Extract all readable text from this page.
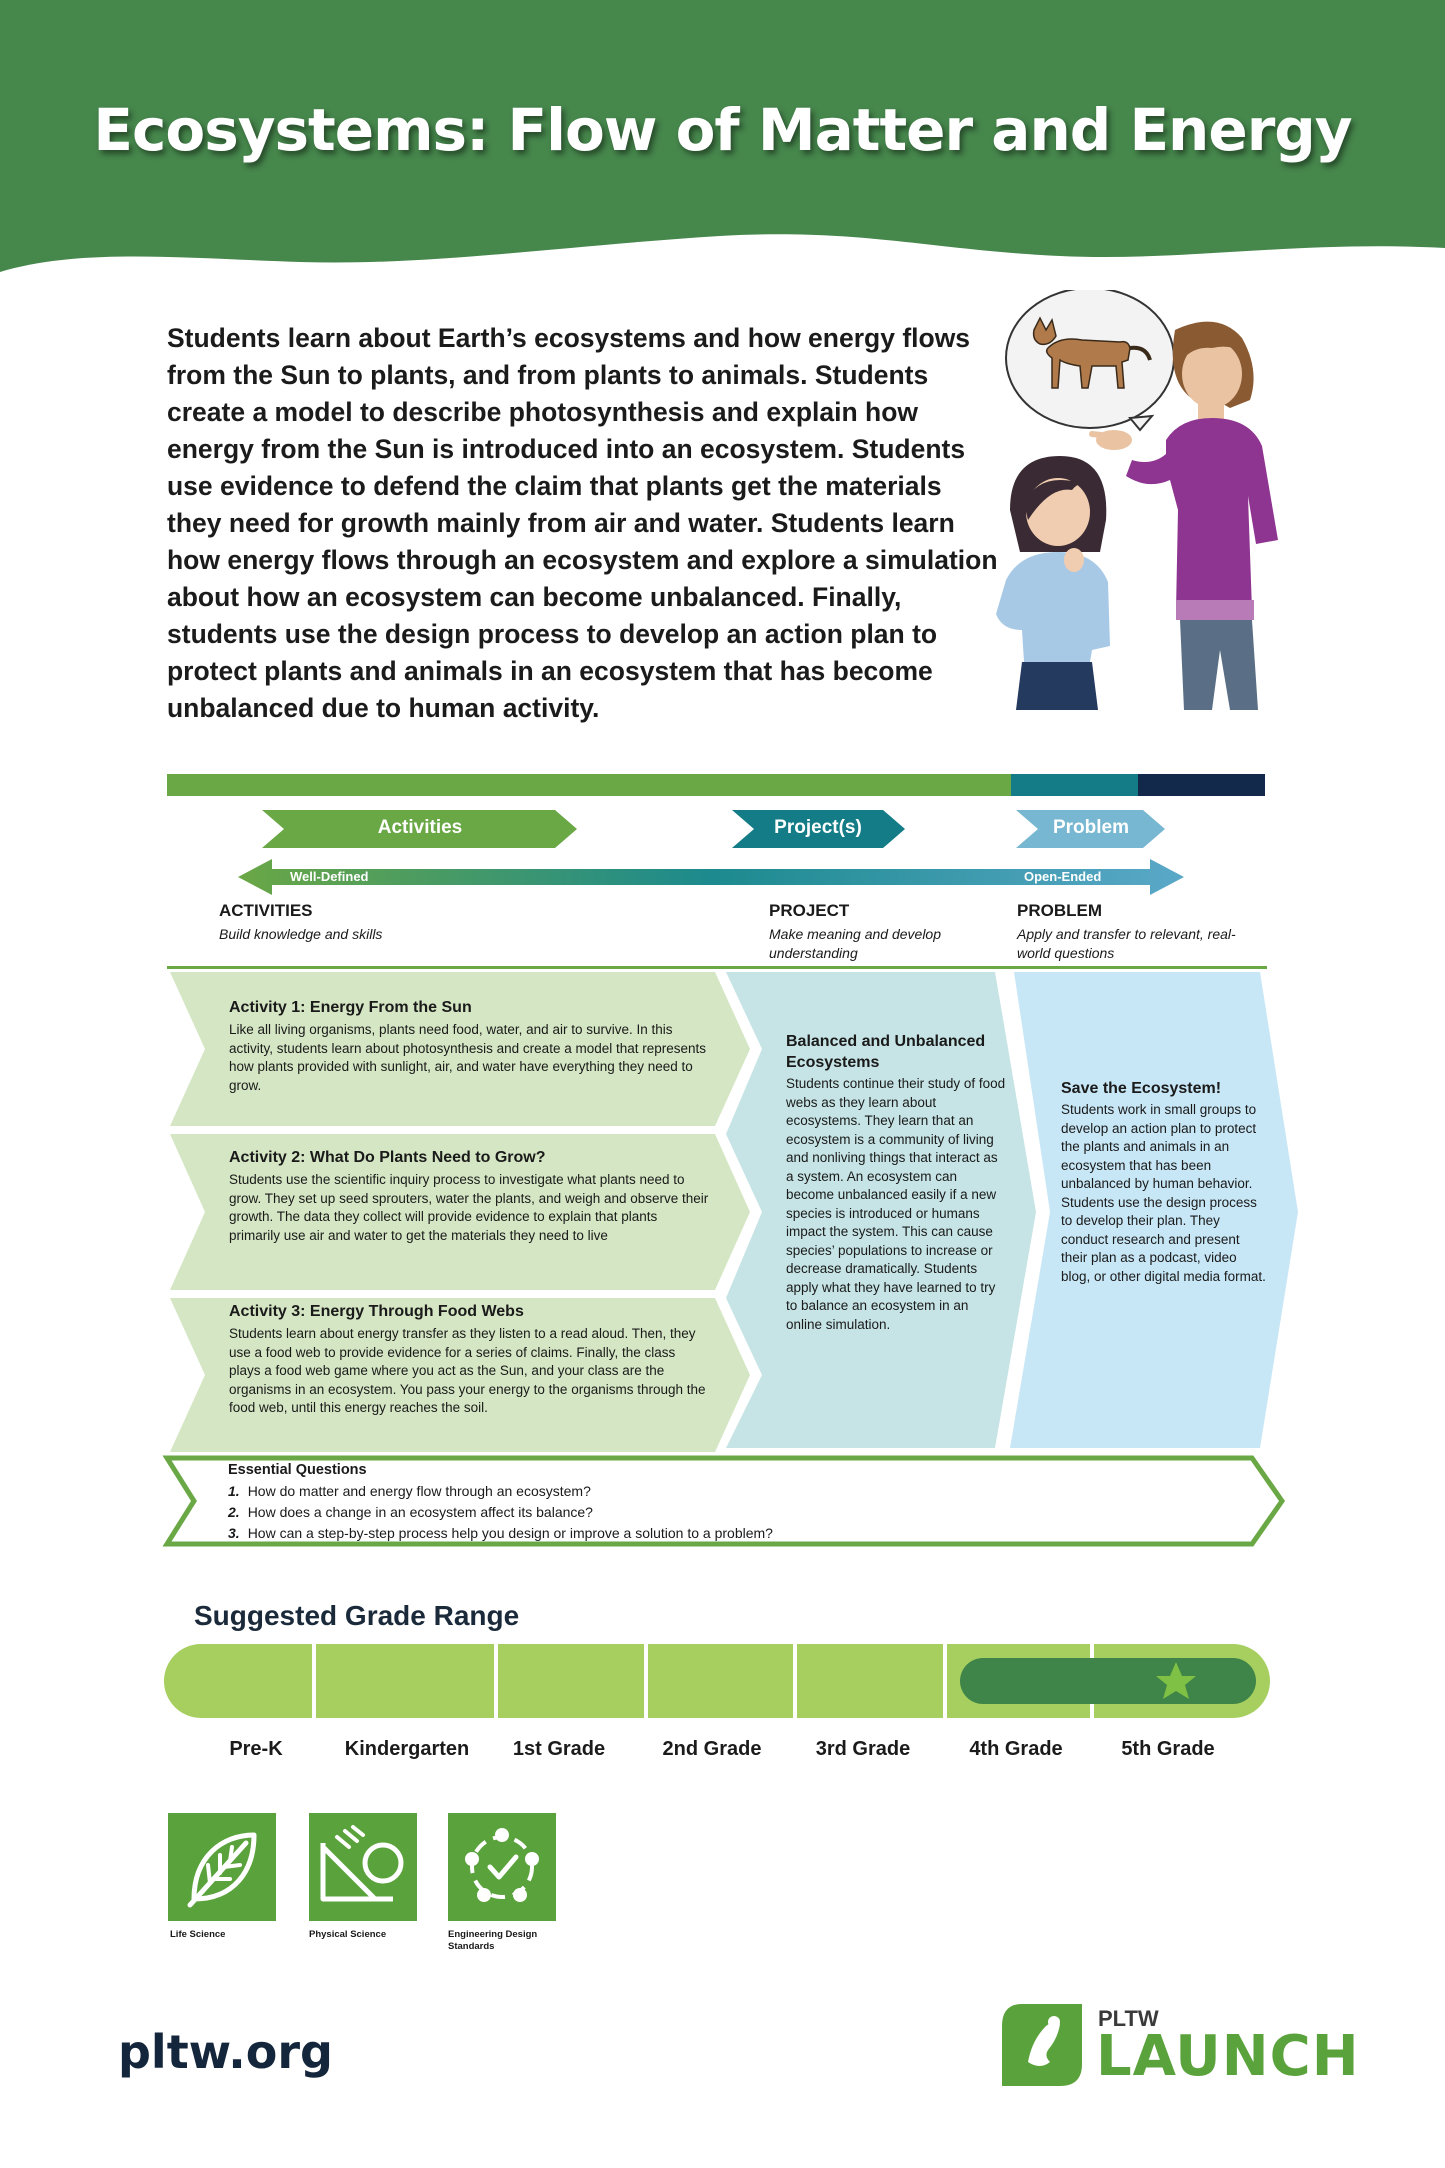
Ecosystems: Flow of Matter and Energy
Students learn about Earth’s ecosystems and how energy flows from the Sun to plants, and from plants to animals. Students create a model to describe photosynthesis and explain how energy from the Sun is introduced into an ecosystem. Students use evidence to defend the claim that plants get the materials they need for growth mainly from air and water. Students learn how energy flows through an ecosystem and explore a simulation about how an ecosystem can become unbalanced. Finally, students use the design process to develop an action plan to protect plants and animals in an ecosystem that has become unbalanced due to human activity.
Activities	Project(s)	Problem
Well-Defined	Open-Ended
ACTIVITIES
Build knowledge and skills
PROJECT
Make meaning and develop understanding
PROBLEM
Apply and transfer to relevant, real-world questions
Activity 1: Energy From the Sun
Like all living organisms, plants need food, water, and air to survive. In this activity, students learn about photosynthesis and create a model that represents how plants provided with sunlight, air, and water have everything they need to grow.
Activity 2: What Do Plants Need to Grow?
Students use the scientific inquiry process to investigate what plants need to grow. They set up seed sprouters, water the plants, and weigh and observe their growth. The data they collect will provide evidence to explain that plants primarily use air and water to get the materials they need to live
Activity 3: Energy Through Food Webs
Students learn about energy transfer as they listen to a read aloud. Then, they use a food web to provide evidence for a series of claims. Finally, the class plays a food web game where you act as the Sun, and your class are the organisms in an ecosystem. You pass your energy to the organisms through the food web, until this energy reaches the soil.
Balanced and Unbalanced Ecosystems
Students continue their study of food webs as they learn about ecosystems. They learn that an ecosystem is a community of living and nonliving things that interact as a system. An ecosystem can become unbalanced easily if a new species is introduced or humans impact the system. This can cause species’ populations to increase or decrease dramatically. Students apply what they have learned to try to balance an ecosystem in an online simulation.
Save the Ecosystem!
Students work in small groups to develop an action plan to protect the plants and animals in an ecosystem that has been unbalanced by human behavior. Students use the design process to develop their plan. They conduct research and present their plan as a podcast, video blog, or other digital media format.
Essential Questions
1. How do matter and energy flow through an ecosystem?
2. How does a change in an ecosystem affect its balance?
3. How can a step-by-step process help you design or improve a solution to a problem?
Suggested Grade Range
Pre-K	Kindergarten	1st Grade	2nd Grade	3rd Grade	4th Grade	5th Grade
Life Science	Physical Science	Engineering Design Standards
pltw.org
PLTW
LAUNCH
